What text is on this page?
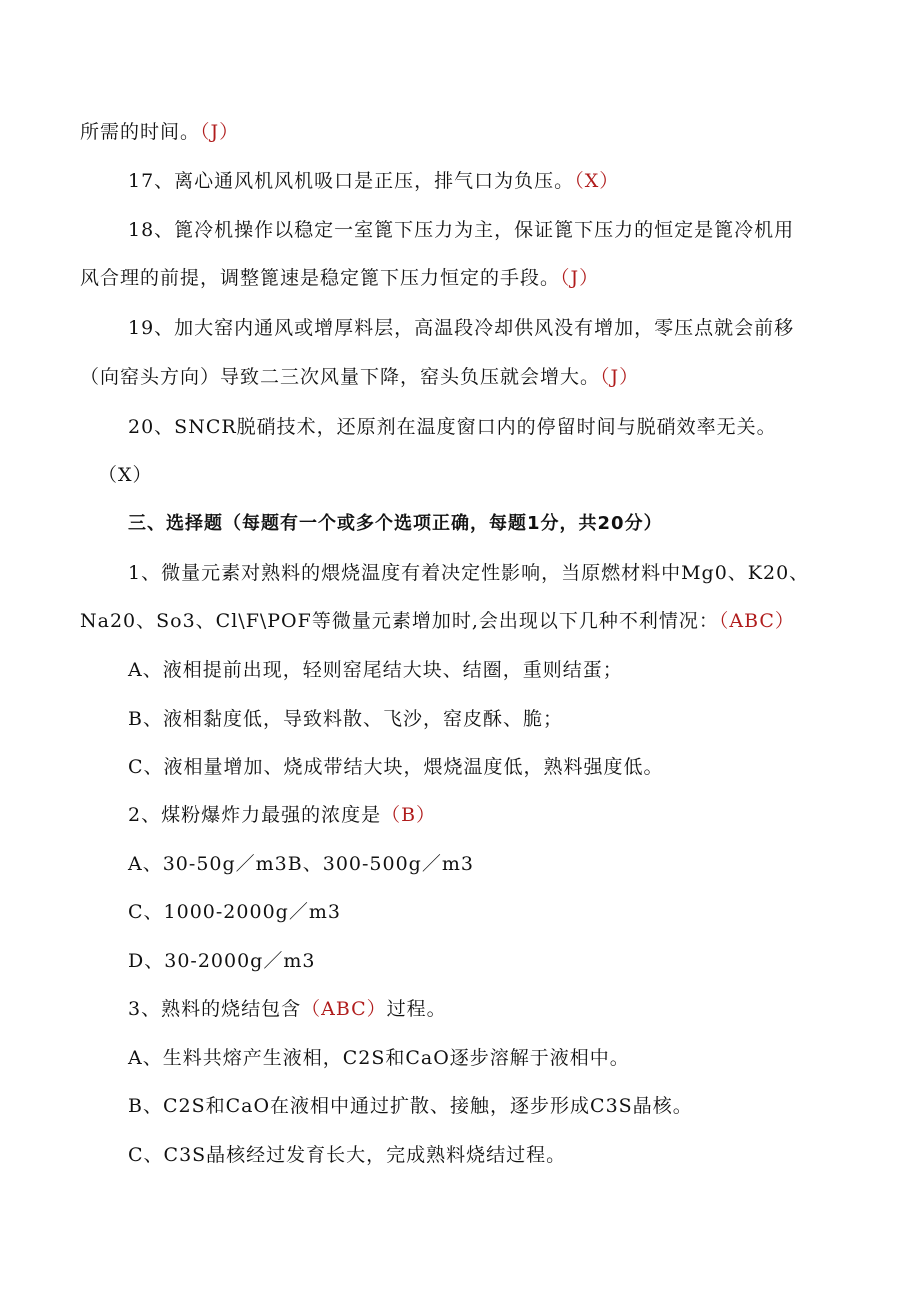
所需的时间。（J）
17、离心通风机风机吸口是正压，排气口为负压。（X）
18、篦冷机操作以稳定一室篦下压力为主，保证篦下压力的恒定是篦冷机用
风合理的前提，调整篦速是稳定篦下压力恒定的手段。（J）
19、加大窑内通风或增厚料层，高温段冷却供风没有增加，零压点就会前移
（向窑头方向）导致二三次风量下降，窑头负压就会增大。（J）
20、SNCR脱硝技术，还原剂在温度窗口内的停留时间与脱硝效率无关。
（X）
三、选择题（每题有一个或多个选项正确，每题1分，共20分）
1、微量元素对熟料的煨烧温度有着决定性影响，当原燃材料中Mg0、K20、
Na20、So3、Cl\F\POF等微量元素增加时,会出现以下几种不利情况：（ABC）
A、液相提前出现，轻则窑尾结大块、结圈，重则结蛋；
B、液相黏度低，导致料散、飞沙，窑皮酥、脆；
C、液相量增加、烧成带结大块，煨烧温度低，熟料强度低。
2、煤粉爆炸力最强的浓度是（B）
A、30-50g／m3B、300-500g／m3
C、1000-2000g／m3
D、30-2000g／m3
3、熟料的烧结包含（ABC）过程。
A、生料共熔产生液相，C2S和CaO逐步溶解于液相中。
B、C2S和CaO在液相中通过扩散、接触，逐步形成C3S晶核。
C、C3S晶核经过发育长大，完成熟料烧结过程。
